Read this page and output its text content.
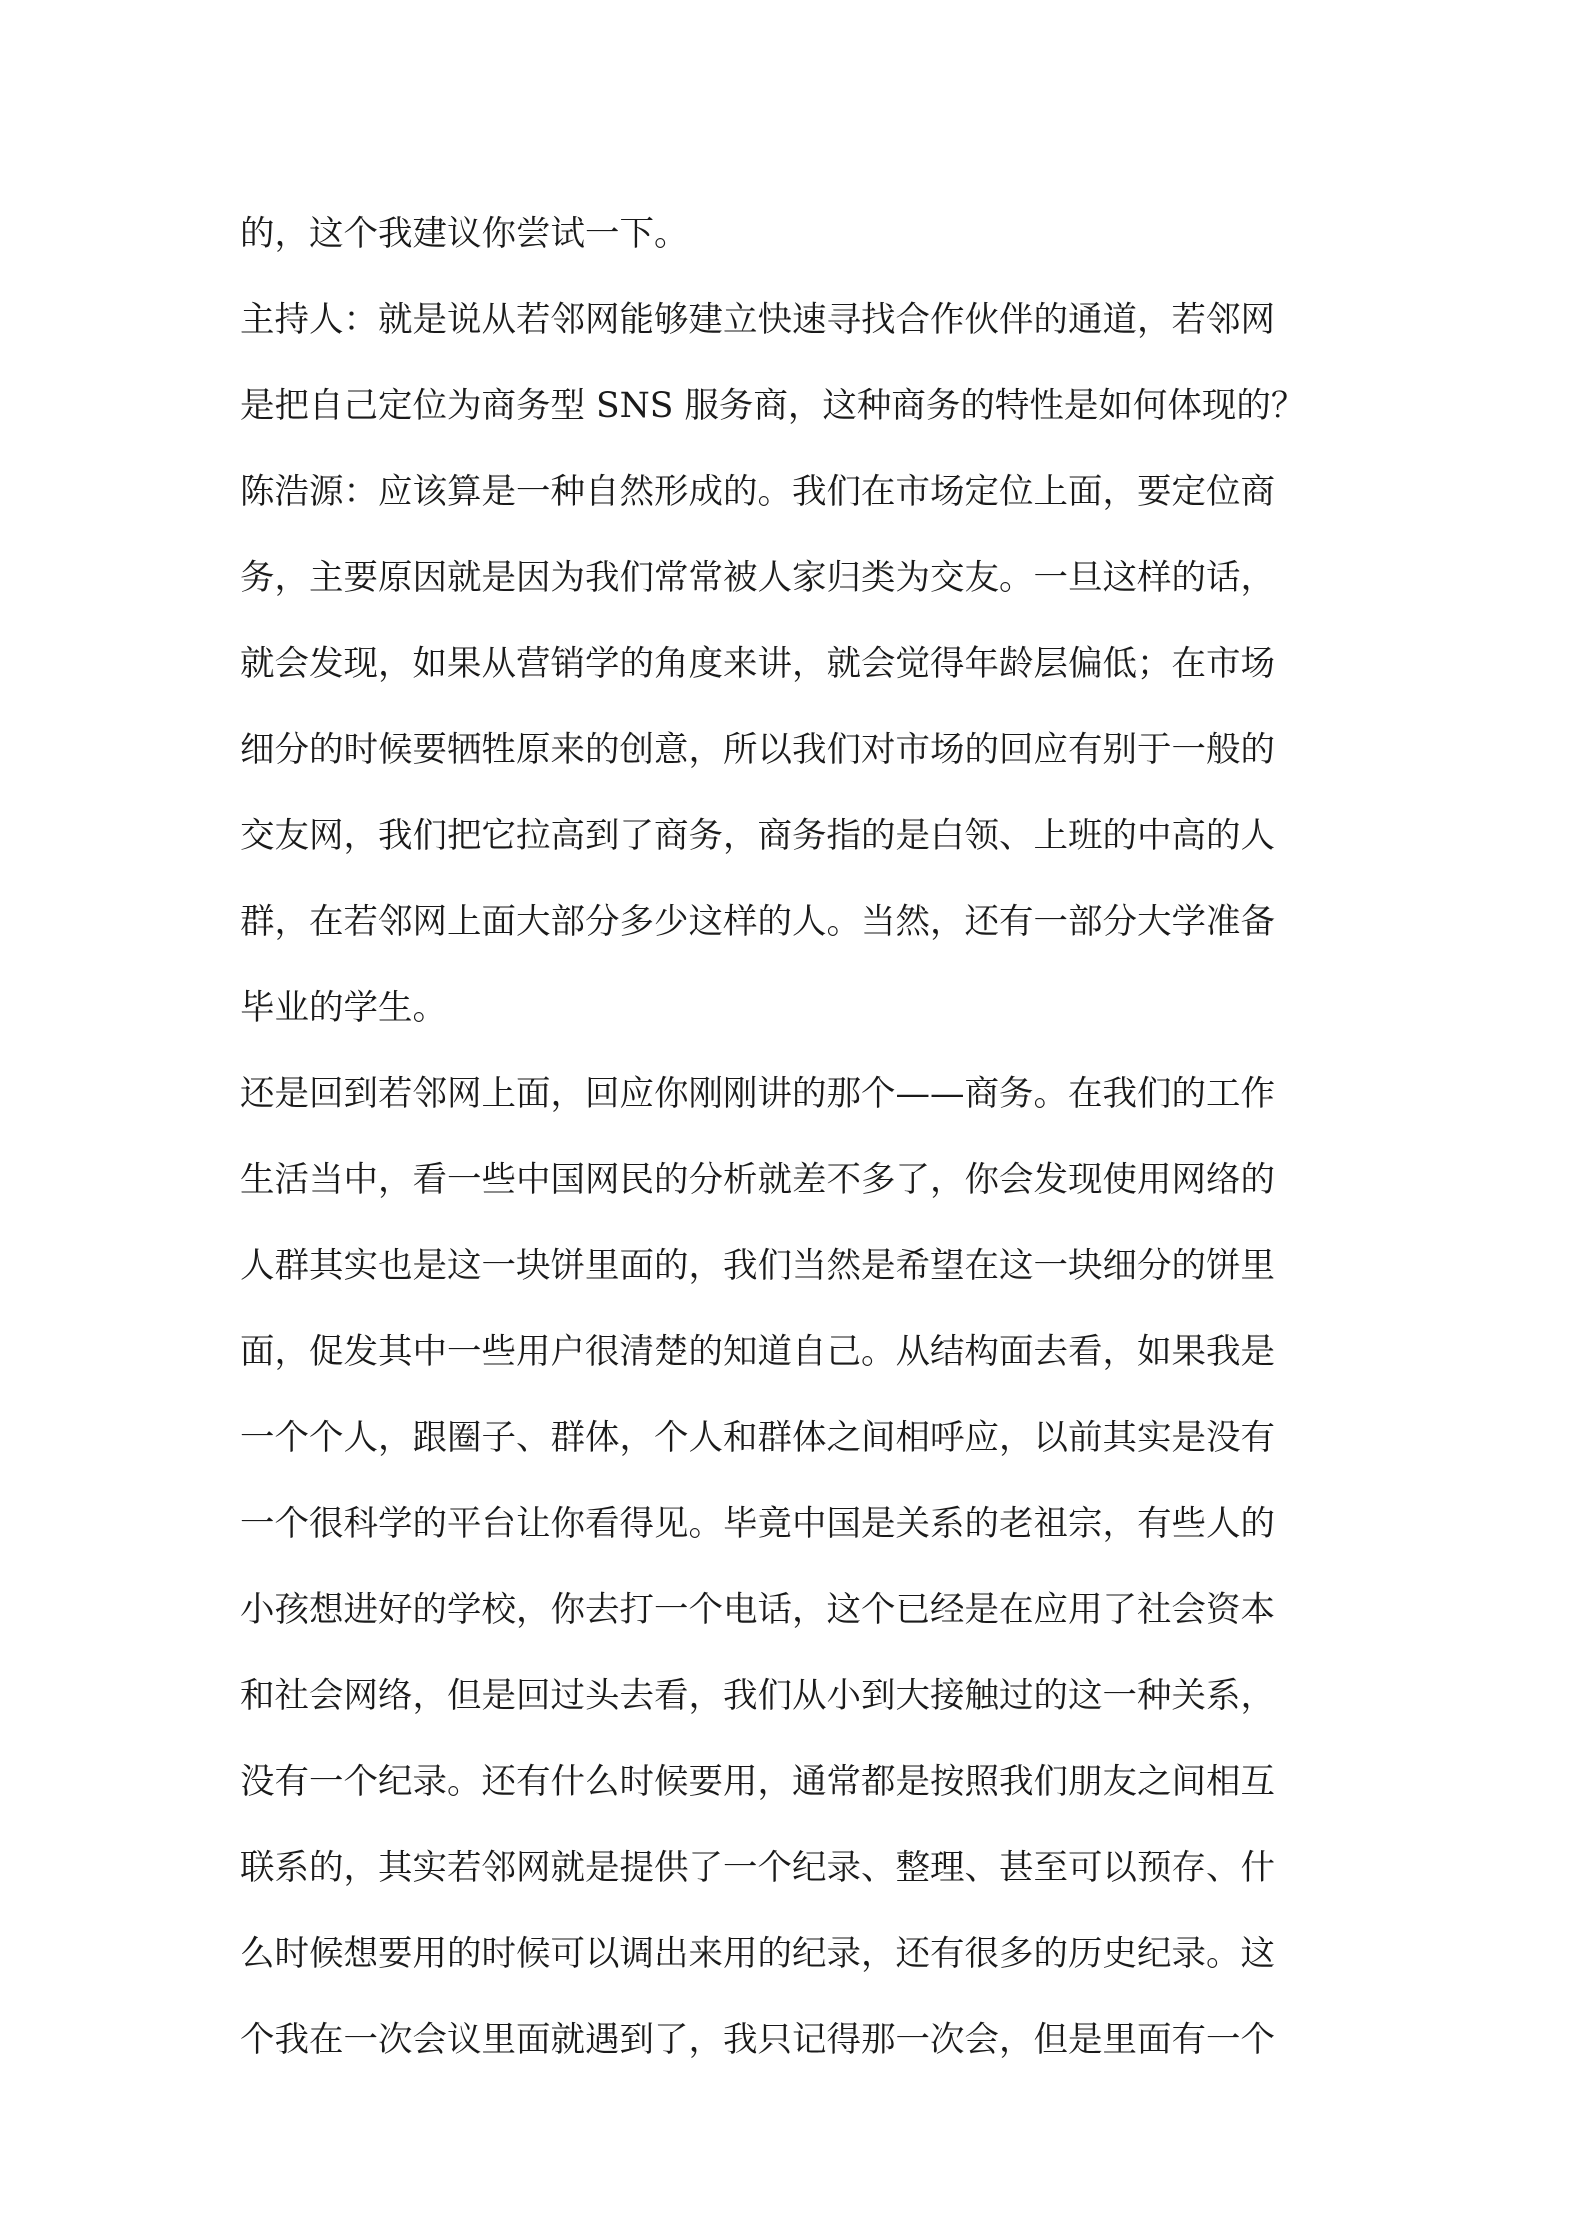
的，这个我建议你尝试一下。
主持人：就是说从若邻网能够建立快速寻找合作伙伴的通道，若邻网
是把自己定位为商务型 SNS 服务商，这种商务的特性是如何体现的？
陈浩源：应该算是一种自然形成的。我们在市场定位上面，要定位商
务，主要原因就是因为我们常常被人家归类为交友。一旦这样的话，
就会发现，如果从营销学的角度来讲，就会觉得年龄层偏低；在市场
细分的时候要牺牲原来的创意，所以我们对市场的回应有别于一般的
交友网，我们把它拉高到了商务，商务指的是白领、上班的中高的人
群，在若邻网上面大部分多少这样的人。当然，还有一部分大学准备
毕业的学生。
还是回到若邻网上面，回应你刚刚讲的那个——商务。在我们的工作
生活当中，看一些中国网民的分析就差不多了，你会发现使用网络的
人群其实也是这一块饼里面的，我们当然是希望在这一块细分的饼里
面，促发其中一些用户很清楚的知道自己。从结构面去看，如果我是
一个个人，跟圈子、群体，个人和群体之间相呼应，以前其实是没有
一个很科学的平台让你看得见。毕竟中国是关系的老祖宗，有些人的
小孩想进好的学校，你去打一个电话，这个已经是在应用了社会资本
和社会网络，但是回过头去看，我们从小到大接触过的这一种关系，
没有一个纪录。还有什么时候要用，通常都是按照我们朋友之间相互
联系的，其实若邻网就是提供了一个纪录、整理、甚至可以预存、什
么时候想要用的时候可以调出来用的纪录，还有很多的历史纪录。这
个我在一次会议里面就遇到了，我只记得那一次会，但是里面有一个
